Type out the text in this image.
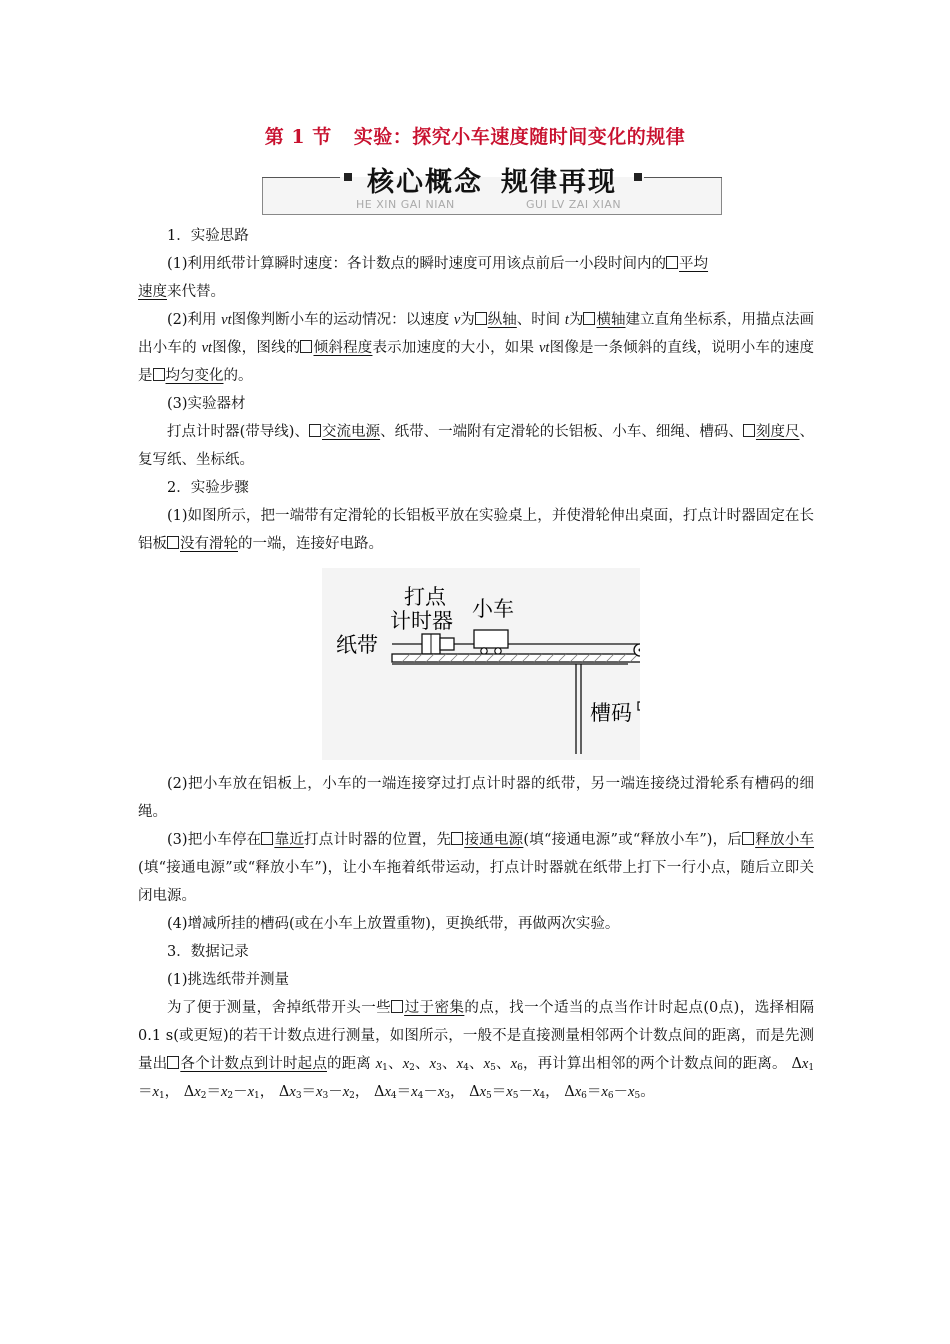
第 1 节 实验：探究小车速度随时间变化的规律
核心概念 规律再现
HE XIN GAI NIAN	GUI LV ZAI XIAN

1．实验思路

(1)利用纸带计算瞬时速度：各计数点的瞬时速度可用该点前后一小段时间内的 平均
速度来代替。

(2)利用 vt图像判断小车的运动情况：以速度 v为 纵轴、时间 t为 横轴建立直角坐标系，用描点法画出小车的 vt图像，图线的 倾斜程度表示加速度的大小，如果 vt图像是一条倾斜的直线，说明小车的速度是 均匀变化的。

(3)实验器材

打点计时器(带导线)、 交流电源、纸带、一端附有定滑轮的长铝板、小车、细绳、槽码、 刻度尺、复写纸、坐标纸。

2．实验步骤

(1)如图所示，把一端带有定滑轮的长铝板平放在实验桌上，并使滑轮伸出桌面，打点计时器固定在长铝板 没有滑轮的一端，连接好电路。

打点
计时器 小车
纸带
槽码

(2)把小车放在铝板上，小车的一端连接穿过打点计时器的纸带，另一端连接绕过滑轮系有槽码的细绳。

(3)把小车停在 靠近打点计时器的位置，先 接通电源(填“接通电源”或“释放小车”)，后 释放小车(填“接通电源”或“释放小车”)，让小车拖着纸带运动，打点计时器就在纸带上打下一行小点，随后立即关闭电源。

(4)增减所挂的槽码(或在小车上放置重物)，更换纸带，再做两次实验。

3．数据记录

(1)挑选纸带并测量

为了便于测量，舍掉纸带开头一些 过于密集的点，找一个适当的点当作计时起点(0点)，选择相隔 0.1 s(或更短)的若干计数点进行测量，如图所示，一般不是直接测量相邻两个计数点间的距离，而是先测量出 各个计数点到计时起点的距离 $x_1$、$x_2$、$x_3$、$x_4$、$x_5$、$x_6$，再计算出相邻的两个计数点间的距离。 $\Delta x_1=x_1$， $\Delta x_2=x_2-x_1$， $\Delta x_3=x_3-x_2$， $\Delta x_4=x_4-x_3$， $\Delta x_5=x_5-x_4$， $\Delta x_6=x_6-x_5$。
